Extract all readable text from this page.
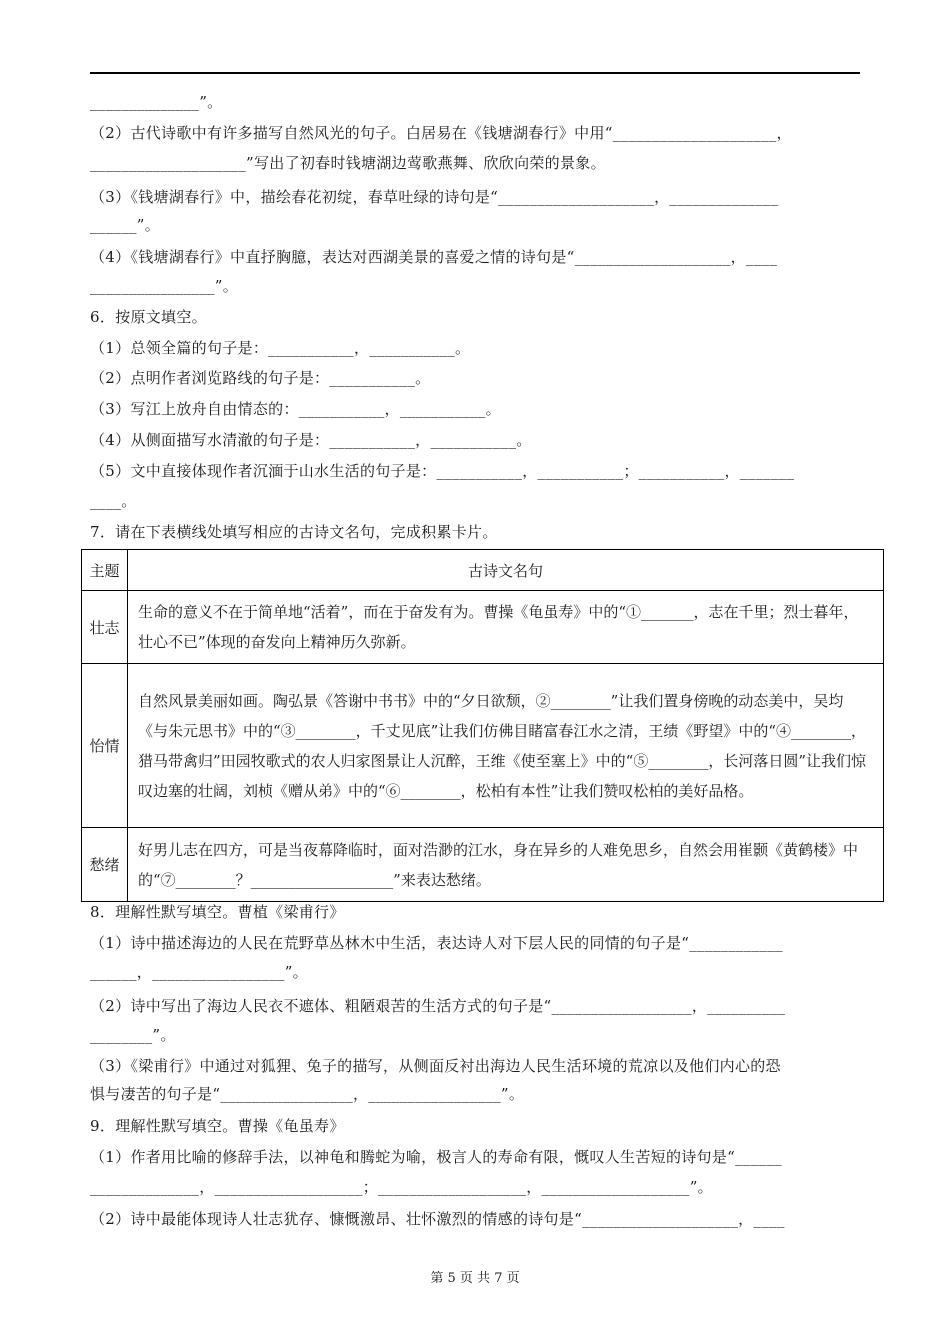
______________”。
（2）古代诗歌中有许多描写自然风光的句子。白居易在《钱塘湖春行》中用“_____________________，
____________________”写出了初春时钱塘湖边莺歌燕舞、欣欣向荣的景象。
（3）《钱塘湖春行》中，描绘春花初绽，春草吐绿的诗句是“____________________，______________
______”。
（4）《钱塘湖春行》中直抒胸臆，表达对西湖美景的喜爱之情的诗句是“____________________，____
________________”。
6．按原文填空。
（1）总领全篇的句子是：___________，___________。
（2）点明作者浏览路线的句子是：___________。
（3）写江上放舟自由情态的：___________，___________。
（4）从侧面描写水清澈的句子是：___________，___________。
（5）文中直接体现作者沉湎于山水生活的句子是：___________，___________；___________，_______
____。
7．请在下表横线处填写相应的古诗文名句，完成积累卡片。
主题	古诗文名句
壮志	生命的意义不在于简单地“活着”，而在于奋发有为。曹操《龟虽寿》中的“①_______，志在千里；烈士暮年，壮心不已”体现的奋发向上精神历久弥新。
怡情	自然风景美丽如画。陶弘景《答谢中书书》中的“夕日欲颓，②________”让我们置身傍晚的动态美中，吴均《与朱元思书》中的“③________，千丈见底”让我们仿佛目睹富春江水之清，王绩《野望》中的“④________，猎马带禽归”田园牧歌式的农人归家图景让人沉醉，王维《使至塞上》中的“⑤________，长河落日圆”让我们惊叹边塞的壮阔，刘桢《赠从弟》中的“⑥________，松柏有本性”让我们赞叹松柏的美好品格。
愁绪	好男儿志在四方，可是当夜幕降临时，面对浩渺的江水，身在异乡的人难免思乡，自然会用崔颢《黄鹤楼》中的“⑦________？___________________”来表达愁绪。
8．理解性默写填空。曹植《梁甫行》
（1）诗中描述海边的人民在荒野草丛林木中生活，表达诗人对下层人民的同情的句子是“____________
______，_________________”。
（2）诗中写出了海边人民衣不遮体、粗陋艰苦的生活方式的句子是“__________________，__________
________”。
（3）《梁甫行》中通过对狐狸、兔子的描写，从侧面反衬出海边人民生活环境的荒凉以及他们内心的恐
惧与凄苦的句子是“_________________，_________________”。
9．理解性默写填空。曹操《龟虽寿》
（1）作者用比喻的修辞手法，以神龟和腾蛇为喻，极言人的寿命有限，慨叹人生苦短的诗句是“______
______________，___________________；___________________，___________________”。
（2）诗中最能体现诗人壮志犹存、慷慨激昂、壮怀激烈的情感的诗句是“____________________，____
第 5 页 共 7 页
